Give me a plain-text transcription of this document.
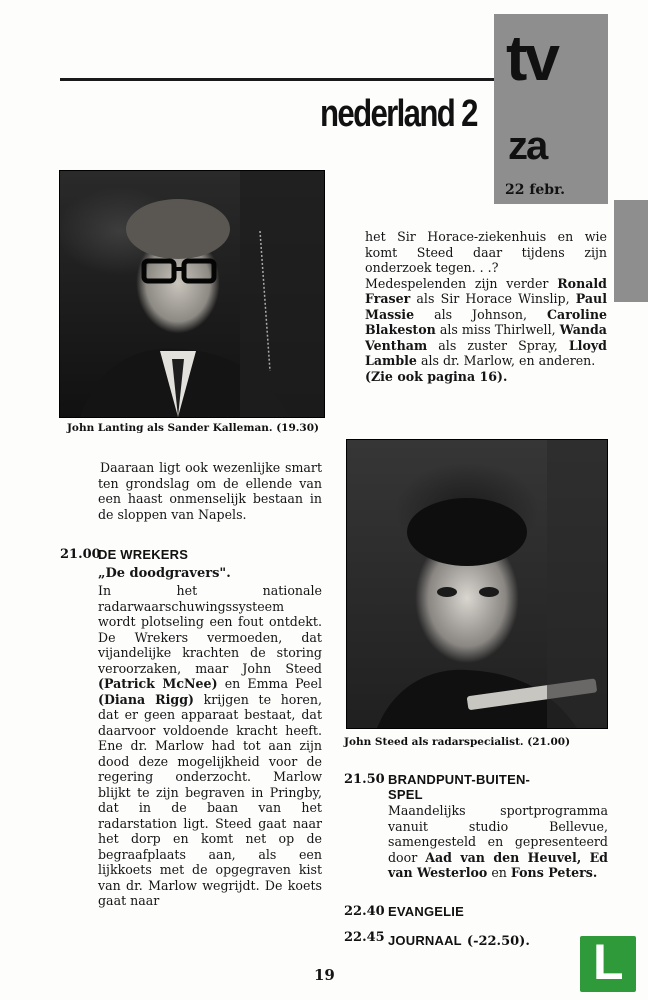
nederland 2
tv
za
22 febr.
John Lanting als Sander Kalleman. (19.30)
John Steed als radarspecialist. (21.00)
Daaraan ligt ook wezenlijke smart ten grondslag om de ellende van een haast onmenselijk bestaan in de sloppen van Napels.
21.00
DE WREKERS
„De doodgravers".
In het nationale radarwaarschuwingssysteem wordt plotseling een fout ontdekt. De Wrekers vermoeden, dat vijandelijke krachten de storing veroorzaken, maar John Steed (Patrick McNee) en Emma Peel (Diana Rigg) krijgen te horen, dat er geen apparaat bestaat, dat daarvoor voldoende kracht heeft. Ene dr. Marlow had tot aan zijn dood deze mogelijkheid voor de regering onderzocht. Marlow blijkt te zijn begraven in Pringby, dat in de baan van het radarstation ligt. Steed gaat naar het dorp en komt net op de begraafplaats aan, als een lijkkoets met de opgegraven kist van dr. Marlow wegrijdt. De koets gaat naar
het Sir Horace-ziekenhuis en wie komt Steed daar tijdens zijn onderzoek tegen. . .?
Medespelenden zijn verder Ronald Fraser als Sir Horace Winslip, Paul Massie als Johnson, Caroline Blakeston als miss Thirlwell, Wanda Ventham als zuster Spray, Lloyd Lamble als dr. Marlow, en anderen.
(Zie ook pagina 16).
21.50 BRANDPUNT-BUITEN-
SPEL
Maandelijks sportprogramma vanuit studio Bellevue, samengesteld en gepresenteerd door Aad van den Heuvel, Ed van Westerloo en Fons Peters.
22.40 EVANGELIE
22.45 JOURNAAL (-22.50).
19	L
